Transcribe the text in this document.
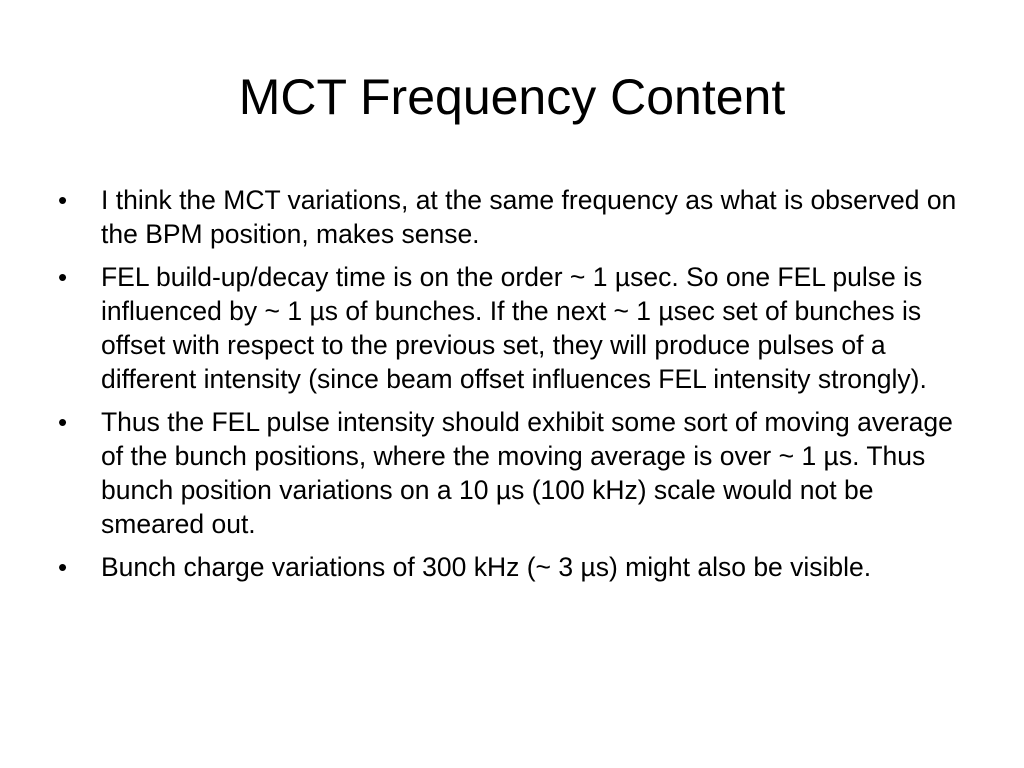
MCT Frequency Content
•	I think the MCT variations, at the same frequency as what is observed on the BPM position, makes sense.
•	FEL build-up/decay time is on the order ~ 1 µsec. So one FEL pulse is influenced by ~ 1 µs of bunches. If the next ~ 1 µsec set of bunches is offset with respect to the previous set, they will produce pulses of a different intensity (since beam offset influences FEL intensity strongly).
•	Thus the FEL pulse intensity should exhibit some sort of moving average of the bunch positions, where the moving average is over ~ 1 µs. Thus bunch position variations on a 10 µs (100 kHz) scale would not be smeared out.
•	Bunch charge variations of 300 kHz (~ 3 µs) might also be visible.
